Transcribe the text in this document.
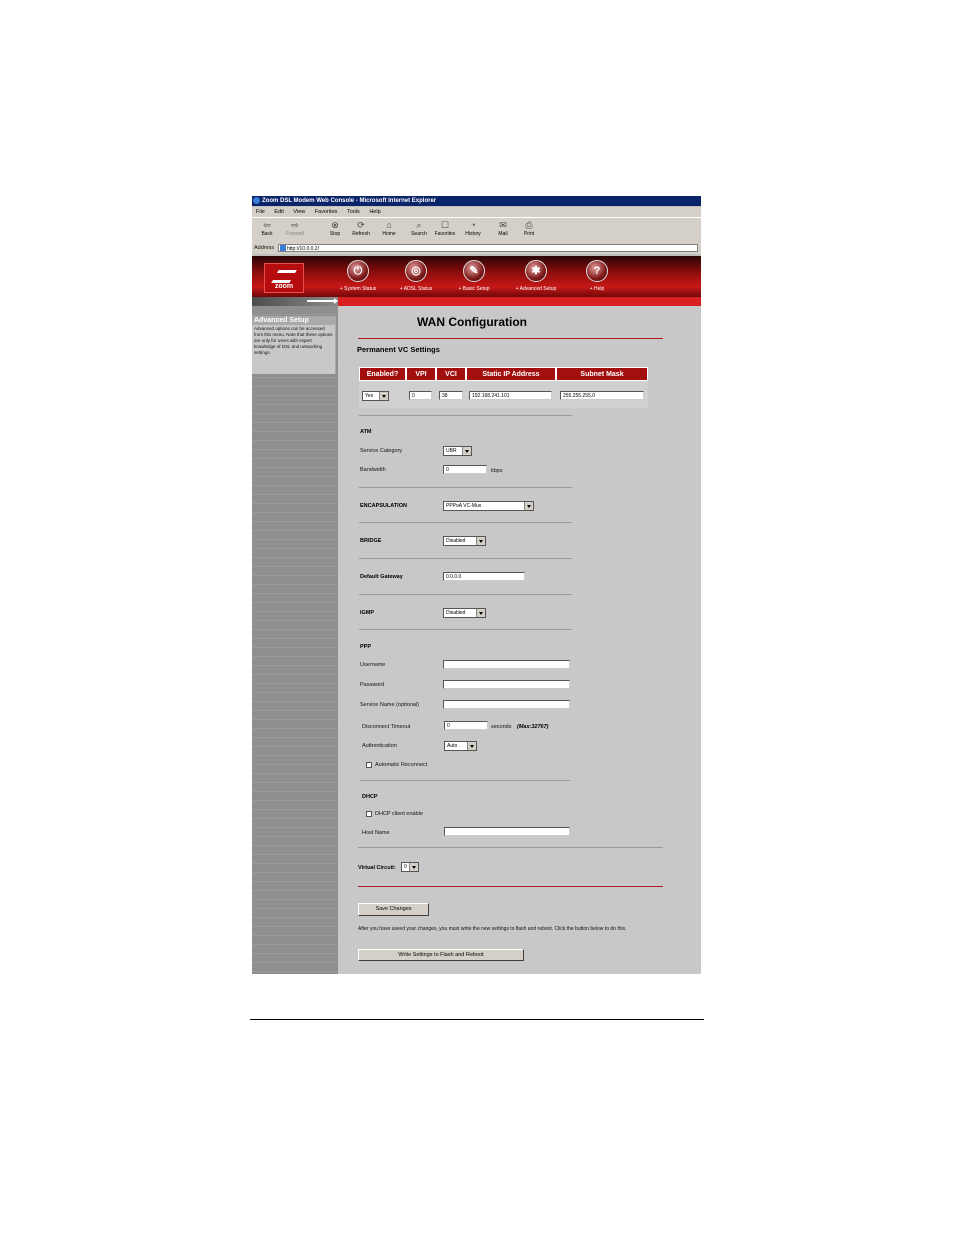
Zoom DSL Modem Web Console - Microsoft Internet Explorer
File Edit View Favorites Tools Help
⇦
Back
⇨
Forward
⊗
Stop
⟳
Refresh
⌂
Home
⌕
Search
☐
Favorites
◔
History
✉
Mail
⎙
Print
Address	http://10.0.0.2/
zoom
⏻
+ System Status
◎
+ ADSL Status
✎
+ Basic Setup
✱
+ Advanced Setup
?
+ Help
Advanced Setup
Advanced options can be accessed from this menu. Note that these options are only for users with expert knowledge of DSL and networking settings.
WAN Configuration
Permanent VC Settings
Enabled?	VPI	VCI	Static IP Address	Subnet Mask
Yes	0	38	192.168.241.101	255.255.255.0
ATM
Service Category	UBR
Bandwidth	0	kbps
ENCAPSULATION	PPPoA VC-Mux
BRIDGE	Disabled
Default Gateway	0.0.0.0
IGMP	Disabled
PPP
Username
Password
Service Name (optional)
Disconnect Timeout	0	seconds (Max:32767)
Authentication	Auto
Automatic Reconnect
DHCP
DHCP client enable
Host Name
Virtual Circuit:	0
Save Changes
After you have saved your changes, you must write the new settings to flash and reboot. Click the button below to do this.
Write Settings to Flash and Reboot
